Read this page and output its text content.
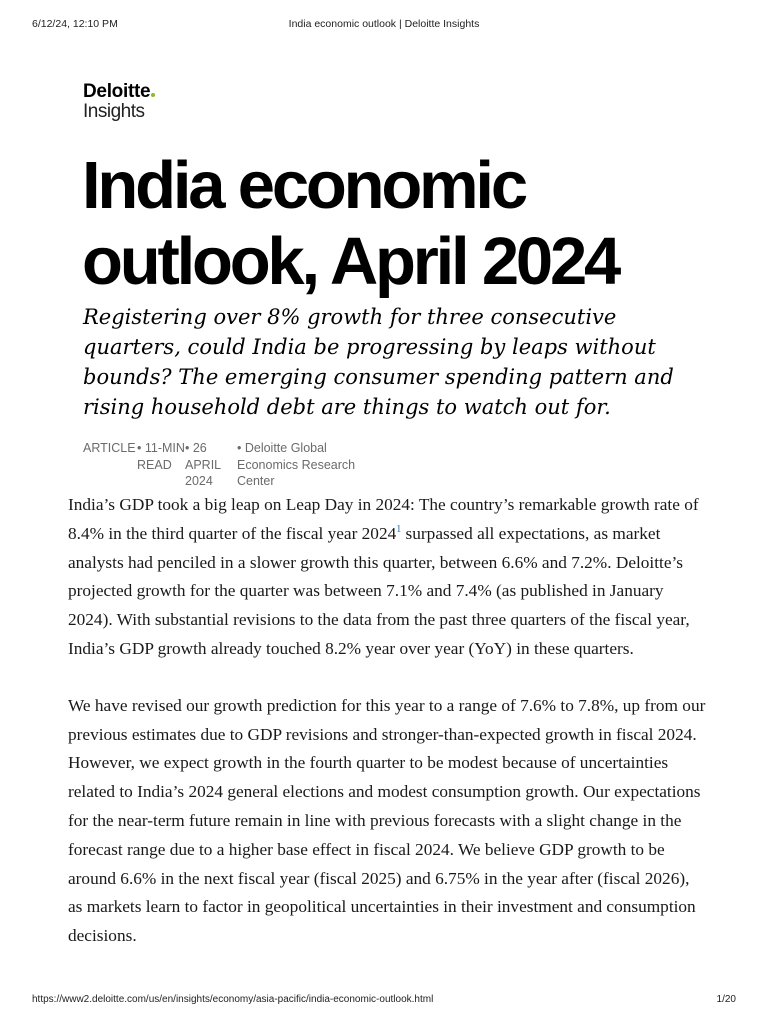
6/12/24, 12:10 PM	India economic outlook | Deloitte Insights
Deloitte
Insights
India economic outlook, April 2024

Registering over 8% growth for three consecutive quarters, could India be progressing by leaps without bounds? The emerging consumer spending pattern and rising household debt are things to watch out for.

ARTICLE • 11-MIN READ
• 26 APRIL 2024
• Deloitte Global Economics Research Center

India’s GDP took a big leap on Leap Day in 2024: The country’s remarkable growth rate of 8.4% in the third quarter of the fiscal year 2024$^1$ surpassed all expectations, as market analysts had penciled in a slower growth this quarter, between 6.6% and 7.2%. Deloitte’s projected growth for the quarter was between 7.1% and 7.4% (as published in January 2024). With substantial revisions to the data from the past three quarters of the fiscal year, India’s GDP growth already touched 8.2% year over year (YoY) in these quarters.

We have revised our growth prediction for this year to a range of 7.6% to 7.8%, up from our previous estimates due to GDP revisions and stronger-than-expected growth in fiscal 2024. However, we expect growth in the fourth quarter to be modest because of uncertainties related to India’s 2024 general elections and modest consumption growth. Our expectations for the near-term future remain in line with previous forecasts with a slight change in the forecast range due to a higher base effect in fiscal 2024. We believe GDP growth to be around 6.6% in the next fiscal year (fiscal 2025) and 6.75% in the year after (fiscal 2026), as markets learn to factor in geopolitical uncertainties in their investment and consumption decisions.

https://www2.deloitte.com/us/en/insights/economy/asia-pacific/india-economic-outlook.html	1/20
